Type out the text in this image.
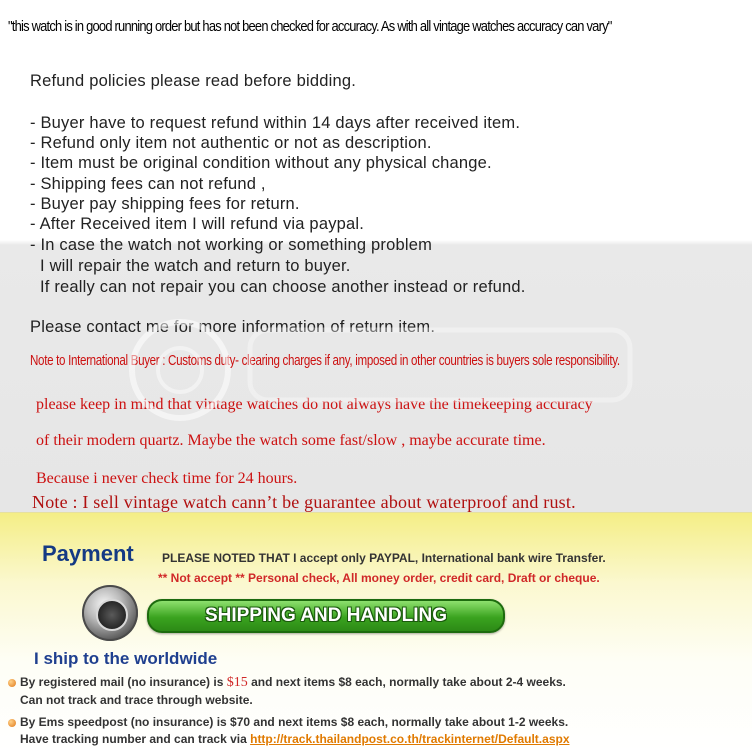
"this watch is in good running order but has not been checked for accuracy. As with all vintage watches accuracy can vary"
Refund policies please read before bidding.
- Buyer have to request refund within 14 days after received item.
- Refund only item not authentic or not as description.
- Item must be original condition without any physical change.
- Shipping fees can not refund ,
- Buyer pay shipping fees for return.
- After Received item I will refund via paypal.
- In case the watch not working or something problem
I will repair the watch and return to buyer.
If really can not repair you can choose another instead or refund.
Please contact me for more information of return item.
Note to International Buyer : Customs duty- clearing charges if any, imposed in other countries is buyers sole responsibility.
please keep in mind that vintage watches do not always have the timekeeping accuracy
of their modern quartz. Maybe the watch some fast/slow , maybe accurate time.
Because i never check time for 24 hours.
Note : I sell vintage watch cann’t be guarantee about waterproof and rust.
Payment PLEASE NOTED THAT I accept only PAYPAL, International bank wire Transfer.
** Not accept ** Personal check, All money order, credit card, Draft or cheque.
SHIPPING AND HANDLING
I ship to the worldwide
By registered mail (no insurance) is $15 and next items $8 each, normally take about 2-4 weeks.
Can not track and trace through website.
By Ems speedpost (no insurance) is $70 and next items $8 each, normally take about 1-2 weeks.
Have tracking number and can track via http://track.thailandpost.co.th/trackinternet/Default.aspx
